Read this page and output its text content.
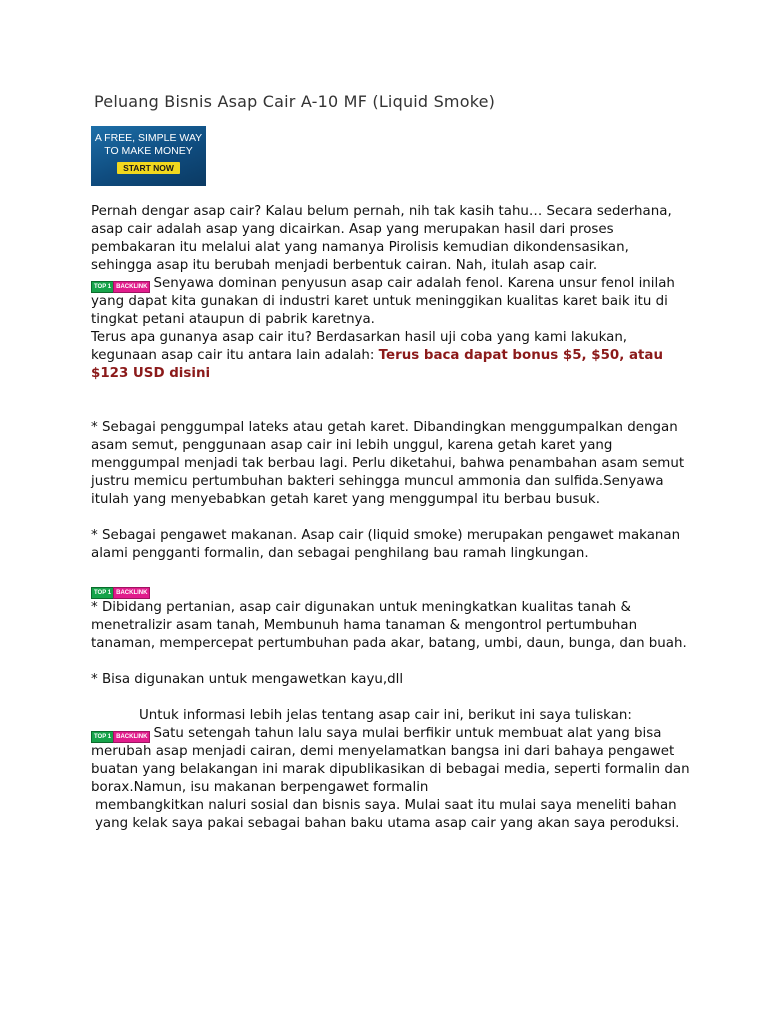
Peluang Bisnis Asap Cair A-10 MF (Liquid Smoke)
A FREE, SIMPLE WAY
TO MAKE MONEY
START NOW

Pernah dengar asap cair? Kalau belum pernah, nih tak kasih tahu… Secara sederhana, asap cair adalah asap yang dicairkan. Asap yang merupakan hasil dari proses pembakaran itu melalui alat yang namanya Pirolisis kemudian dikondensasikan, sehingga asap itu berubah menjadi berbentuk cairan. Nah, itulah asap cair.

TOP 1 BACKLINK Senyawa dominan penyusun asap cair adalah fenol. Karena unsur fenol inilah yang dapat kita gunakan di industri karet untuk meninggikan kualitas karet baik itu di tingkat petani ataupun di pabrik karetnya.

Terus apa gunanya asap cair itu? Berdasarkan hasil uji coba yang kami lakukan, kegunaan asap cair itu antara lain adalah: Terus baca dapat bonus $5, $50, atau $123 USD disini

* Sebagai penggumpal lateks atau getah karet. Dibandingkan menggumpalkan dengan asam semut, penggunaan asap cair ini lebih unggul, karena getah karet yang menggumpal menjadi tak berbau lagi. Perlu diketahui, bahwa penambahan asam semut justru memicu pertumbuhan bakteri sehingga muncul ammonia dan sulfida.Senyawa itulah yang menyebabkan getah karet yang menggumpal itu berbau busuk.

* Sebagai pengawet makanan. Asap cair (liquid smoke) merupakan pengawet makanan alami pengganti formalin, dan sebagai penghilang bau ramah lingkungan.

TOP 1 BACKLINK

* Dibidang pertanian, asap cair digunakan untuk meningkatkan kualitas tanah & menetralizir asam tanah, Membunuh hama tanaman & mengontrol pertumbuhan tanaman, mempercepat pertumbuhan pada akar, batang, umbi, daun, bunga, dan buah.

* Bisa digunakan untuk mengawetkan kayu,dll

Untuk informasi lebih jelas tentang asap cair ini, berikut ini saya tuliskan:

TOP 1 BACKLINK Satu setengah tahun lalu saya mulai berfikir untuk membuat alat yang bisa merubah asap menjadi cairan, demi menyelamatkan bangsa ini dari bahaya pengawet buatan yang belakangan ini marak dipublikasikan di bebagai media, seperti formalin dan borax.Namun, isu makanan berpengawet formalin

membangkitkan naluri sosial dan bisnis saya. Mulai saat itu mulai saya meneliti bahan yang kelak saya pakai sebagai bahan baku utama asap cair yang akan saya peroduksi.
